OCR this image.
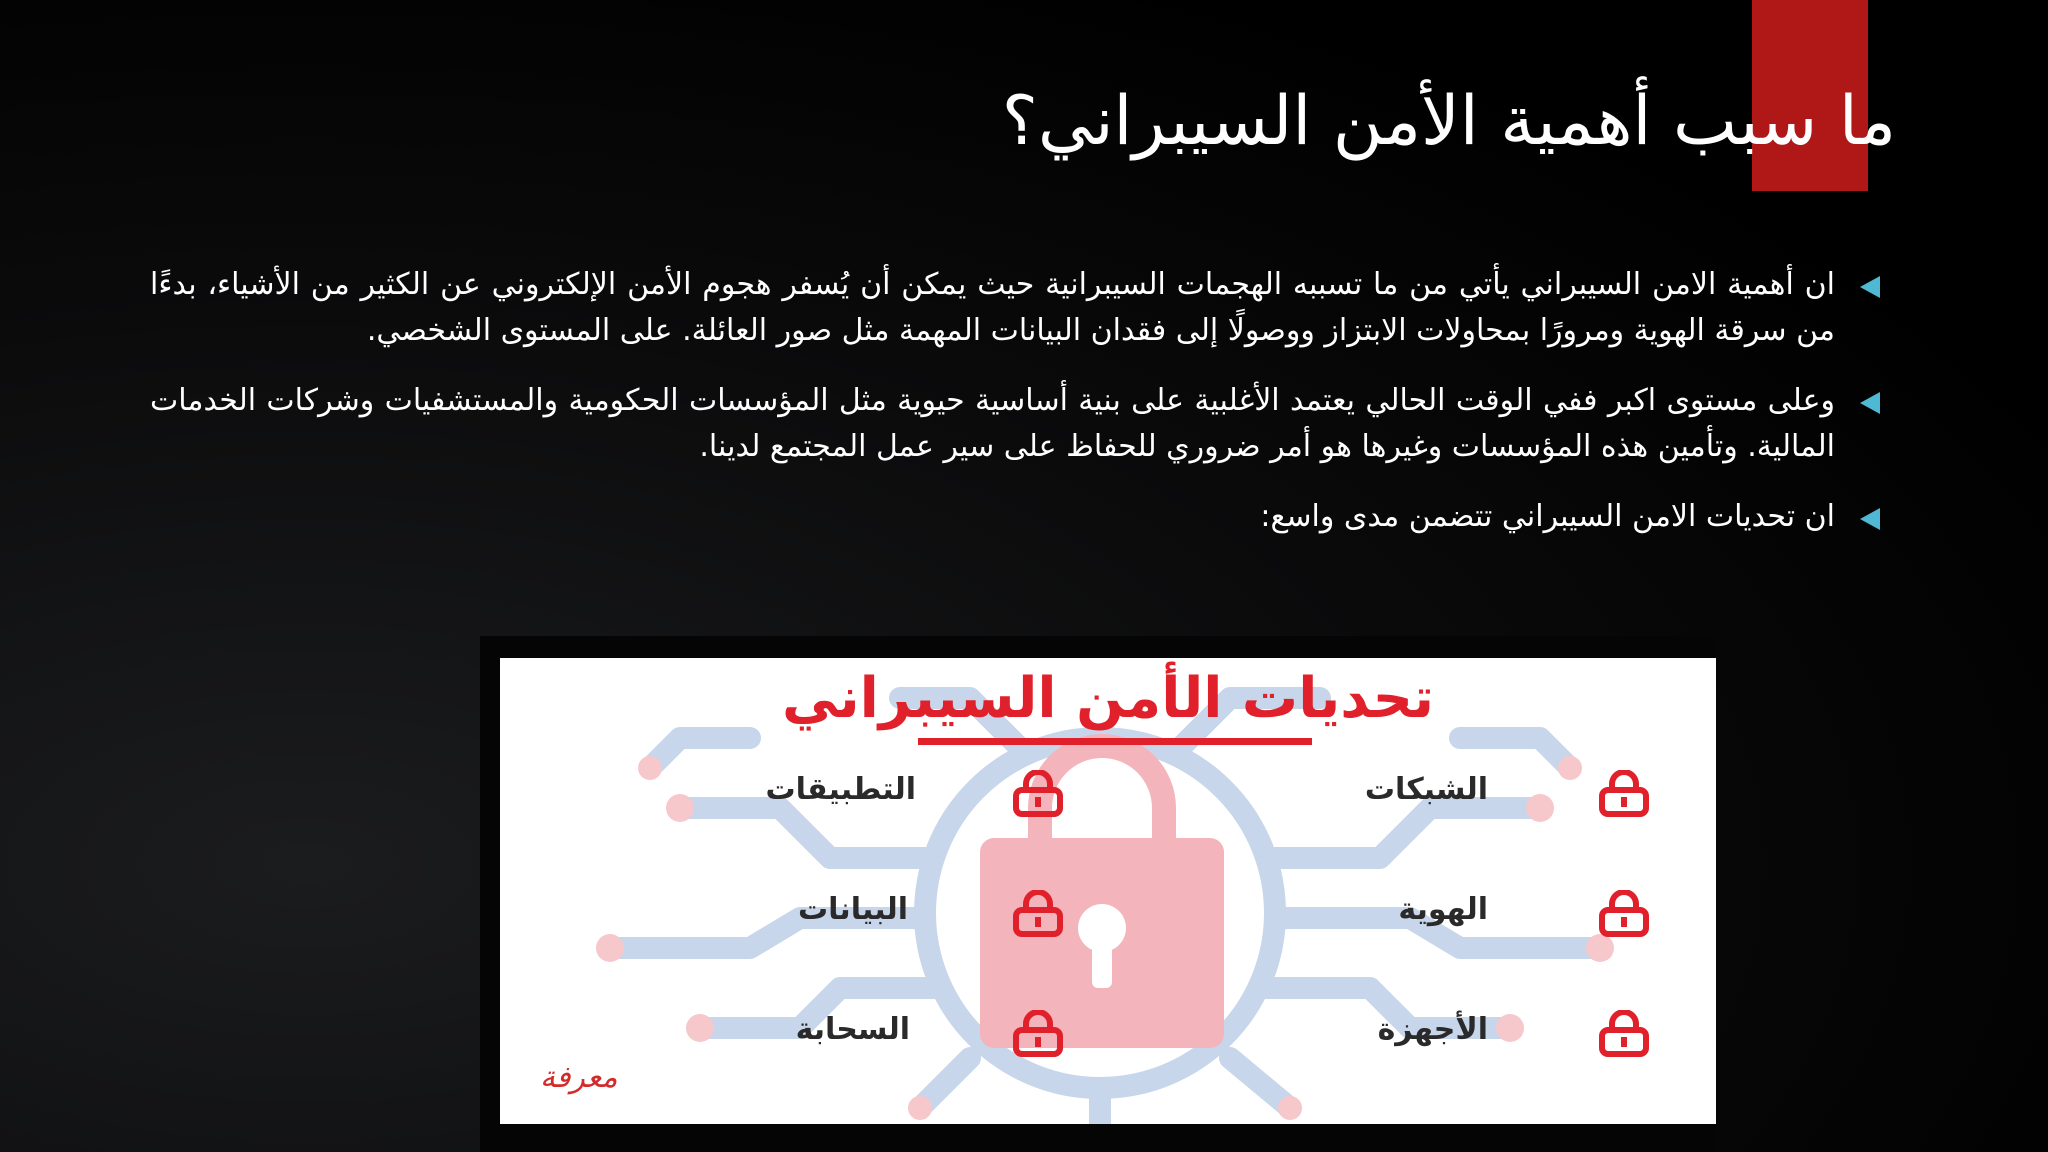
ما سبب أهمية الأمن السيبراني؟
ان أهمية الامن السيبراني يأتي من ما تسببه الهجمات السيبرانية حيث يمكن أن يُسفر هجوم الأمن الإلكتروني عن الكثير من الأشياء، بدءًا من سرقة الهوية ومرورًا بمحاولات الابتزاز ووصولًا إلى فقدان البيانات المهمة مثل صور العائلة. على المستوى الشخصي.
وعلى مستوى اكبر ففي الوقت الحالي يعتمد الأغلبية على بنية أساسية حيوية مثل المؤسسات الحكومية والمستشفيات وشركات الخدمات المالية. وتأمين هذه المؤسسات وغيرها هو أمر ضروري للحفاظ على سير عمل المجتمع لدينا.
ان تحديات الامن السيبراني تتضمن مدى واسع:
تحديات الأمن السيبراني
الشبكات
التطبيقات
الهوية
البيانات
الأجهزة
السحابة
معرفة
